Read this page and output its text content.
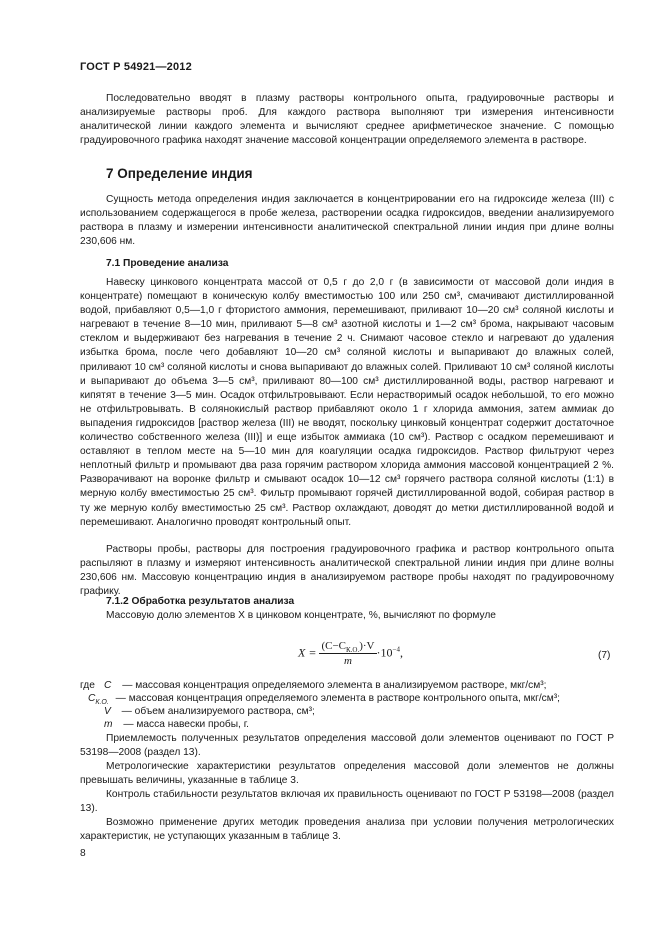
ГОСТ Р 54921—2012

Последовательно вводят в плазму растворы контрольного опыта, градуировочные растворы и анализируемые растворы проб. Для каждого раствора выполняют три измерения интенсивности аналитической линии каждого элемента и вычисляют среднее арифметическое значение. С помощью градуировочного графика находят значение массовой концентрации определяемого элемента в растворе.

7 Определение индия

Сущность метода определения индия заключается в концентрировании его на гидроксиде железа (III) с использованием содержащегося в пробе железа, растворении осадка гидроксидов, введении анализируемого раствора в плазму и измерении интенсивности аналитической спектральной линии индия при длине волны 230,606 нм.

7.1 Проведение анализа

Навеску цинкового концентрата массой от 0,5 г до 2,0 г (в зависимости от массовой доли индия в концентрате) помещают в коническую колбу вместимостью 100 или 250 см³, смачивают дистиллированной водой, прибавляют 0,5—1,0 г фтористого аммония, перемешивают, приливают 10—20 см³ соляной кислоты и нагревают в течение 8—10 мин, приливают 5—8 см³ азотной кислоты и 1—2 см³ брома, накрывают часовым стеклом и выдерживают без нагревания в течение 2 ч. Снимают часовое стекло и нагревают до удаления избытка брома, после чего добавляют 10—20 см³ соляной кислоты и выпаривают до влажных солей, приливают 10 см³ соляной кислоты и снова выпаривают до влажных солей. Приливают 10 см³ соляной кислоты и выпаривают до объема 3—5 см³, приливают 80—100 см³ дистиллированной воды, раствор нагревают и кипятят в течение 3—5 мин. Осадок отфильтровывают. Если нерастворимый осадок небольшой, то его можно не отфильтровывать. В солянокислый раствор прибавляют около 1 г хлорида аммония, затем аммиак до выпадения гидроксидов [раствор железа (III) не вводят, поскольку цинковый концентрат содержит достаточное количество собственного железа (III)] и еще избыток аммиака (10 см³). Раствор с осадком перемешивают и оставляют в теплом месте на 5—10 мин для коагуляции осадка гидроксидов. Раствор фильтруют через неплотный фильтр и промывают два раза горячим раствором хлорида аммония массовой концентрацией 2 %. Разворачивают на воронке фильтр и смывают осадок 10—12 см³ горячего раствора соляной кислоты (1:1) в мерную колбу вместимостью 25 см³. Фильтр промывают горячей дистиллированной водой, собирая раствор в ту же мерную колбу вместимостью 25 см³. Раствор охлаждают, доводят до метки дистиллированной водой и перемешивают. Аналогично проводят контрольный опыт.

Растворы пробы, растворы для построения градуировочного графика и раствор контрольного опыта распыляют в плазму и измеряют интенсивность аналитической спектральной линии индия при длине волны 230,606 нм. Массовую концентрацию индия в анализируемом растворе пробы находят по градуировочному графику.

7.1.2 Обработка результатов анализа

Массовую долю элементов X в цинковом концентрате, %, вычисляют по формуле

$X = \frac{(C-C_{К.О.})\cdot V}{m} \cdot 10^{-4}$,	(7)
где C — массовая концентрация определяемого элемента в анализируемом растворе, мкг/см³;
$C_{К.О.}$ — массовая концентрация определяемого элемента в растворе контрольного опыта, мкг/см³;
V — объем анализируемого раствора, см³;
m — масса навески пробы, г.

Приемлемость полученных результатов определения массовой доли элементов оценивают по ГОСТ Р 53198—2008 (раздел 13).

Метрологические характеристики результатов определения массовой доли элементов не должны превышать величины, указанные в таблице 3.

Контроль стабильности результатов включая их правильность оценивают по ГОСТ Р 53198—2008 (раздел 13).

Возможно применение других методик проведения анализа при условии получения метрологических характеристик, не уступающих указанным в таблице 3.

8
